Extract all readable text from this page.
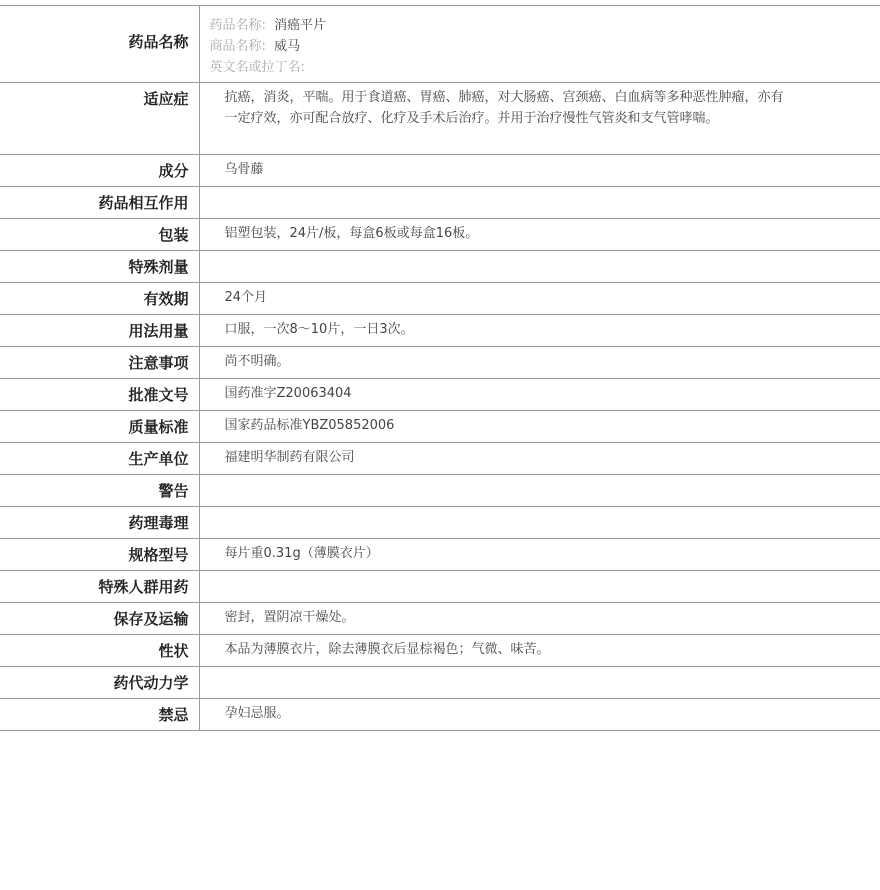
药品名称	药品名称: 消癌平片
商品名称: 威马
英文名或拉丁名:

适应症	抗癌，消炎，平喘。用于食道癌、胃癌、肺癌，对大肠癌、宫颈癌、白血病等多种恶性肿瘤，亦有一定疗效，亦可配合放疗、化疗及手术后治疗。并用于治疗慢性气管炎和支气管哮喘。
成分	乌骨藤
药品相互作用	
包装	铝塑包装，24片/板，每盒6板或每盒16板。
特殊剂量	
有效期	24个月
用法用量	口服，一次8～10片，一日3次。
注意事项	尚不明确。
批准文号	国药准字Z20063404
质量标准	国家药品标准YBZ05852006
生产单位	福建明华制药有限公司
警告	
药理毒理	
规格型号	每片重0.31g（薄膜衣片）
特殊人群用药	
保存及运输	密封，置阴凉干燥处。
性状	本品为薄膜衣片，除去薄膜衣后显棕褐色；气微、味苦。
药代动力学	
禁忌	孕妇忌服。
